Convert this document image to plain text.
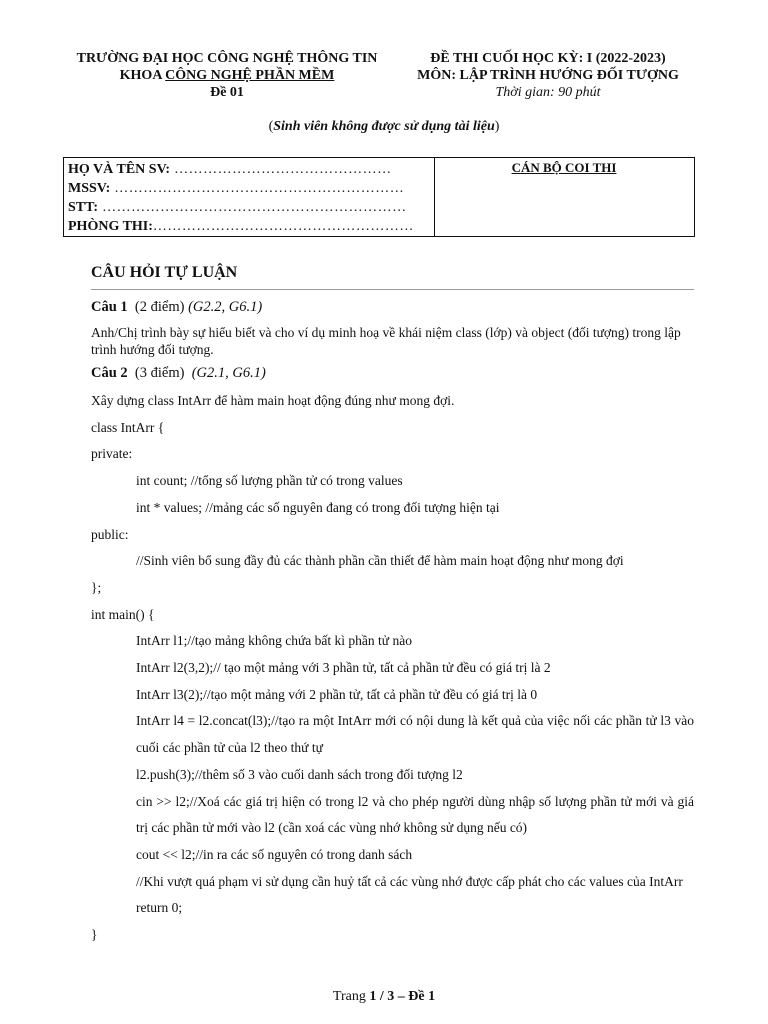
TRƯỜNG ĐẠI HỌC CÔNG NGHỆ THÔNG TIN
KHOA CÔNG NGHỆ PHẦN MỀM
Đề 01
ĐỀ THI CUỐI HỌC KỲ: I (2022-2023)
MÔN: LẬP TRÌNH HƯỚNG ĐỐI TƯỢNG
Thời gian: 90 phút
(Sinh viên không được sử dụng tài liệu)
HỌ VÀ TÊN SV: ………………………………………
MSSV: ……………………………………………………
STT: ………………………………………………………
PHÒNG THI:………………………………………………
CÁN BỘ COI THI
CÂU HỎI TỰ LUẬN
Câu 1 (2 điểm) (G2.2, G6.1)
Anh/Chị trình bày sự hiểu biết và cho ví dụ minh hoạ về khái niệm class (lớp) và object (đối tượng) trong lập trình hướng đối tượng.
Câu 2 (3 điểm) (G2.1, G6.1)
Xây dựng class IntArr để hàm main hoạt động đúng như mong đợi.
class IntArr {
private:
int count; //tổng số lượng phần tử có trong values
int * values; //mảng các số nguyên đang có trong đối tượng hiện tại
public:
//Sinh viên bổ sung đầy đủ các thành phần cần thiết để hàm main hoạt động như mong đợi
};
int main() {
IntArr l1;//tạo mảng không chứa bất kì phần tử nào
IntArr l2(3,2);// tạo một mảng với 3 phần tử, tất cả phần tử đều có giá trị là 2
IntArr l3(2);//tạo một mảng với 2 phần tử, tất cả phần tử đều có giá trị là 0
IntArr l4 = l2.concat(l3);//tạo ra một IntArr mới có nội dung là kết quả của việc nối các phần tử l3 vào cuối các phần tử của l2 theo thứ tự
l2.push(3);//thêm số 3 vào cuối danh sách trong đối tượng l2
cin >> l2;//Xoá các giá trị hiện có trong l2 và cho phép người dùng nhập số lượng phần tử mới và giá trị các phần tử mới vào l2 (cần xoá các vùng nhớ không sử dụng nếu có)
cout << l2;//in ra các số nguyên có trong danh sách
//Khi vượt quá phạm vi sử dụng cần huỷ tất cả các vùng nhớ được cấp phát cho các values của IntArr
return 0;
}
Trang 1 / 3 – Đề 1
